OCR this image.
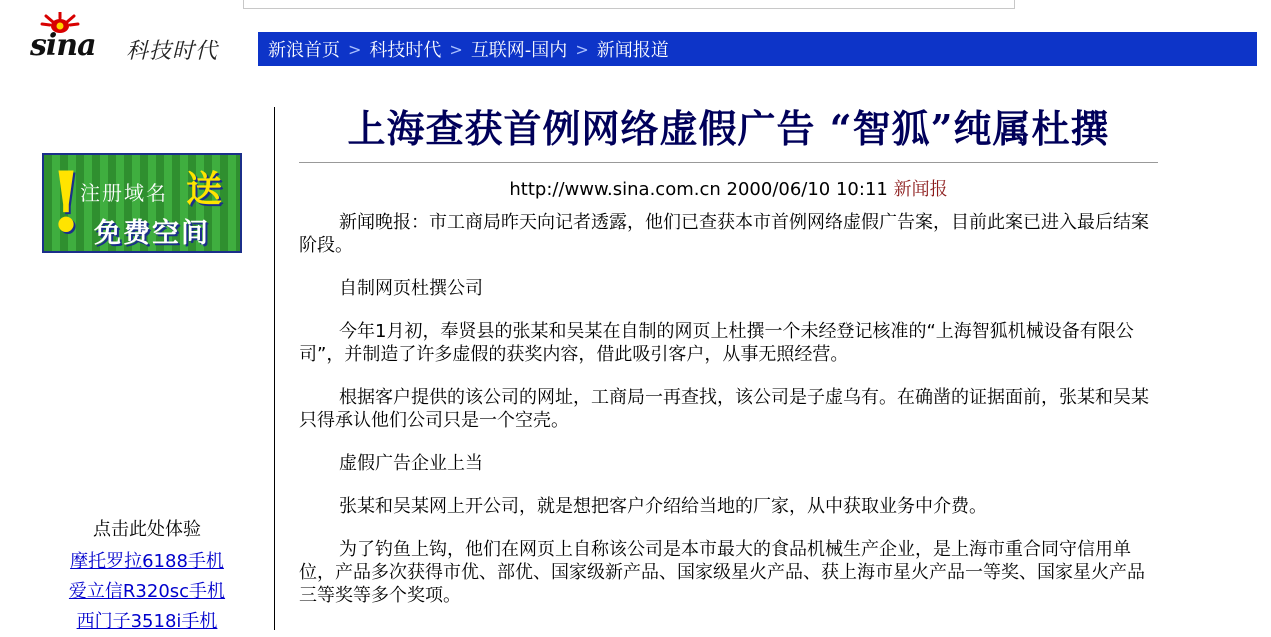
sina 科技时代	新浪首页 > 科技时代 > 互联网-国内 > 新闻报道
!
注册域名 送
免费空间
点击此处体验
摩托罗拉6188手机
爱立信R320sc手机
西门子3518i手机
上海查获首例网络虚假广告 “智狐”纯属杜撰
http://www.sina.com.cn 2000/06/10 10:11 新闻报

新闻晚报：市工商局昨天向记者透露，他们已查获本市首例网络虚假广告案，目前此案已进入最后结案阶段。

自制网页杜撰公司

今年1月初，奉贤县的张某和吴某在自制的网页上杜撰一个未经登记核准的“上海智狐机械设备有限公司”，并制造了许多虚假的获奖内容，借此吸引客户，从事无照经营。

根据客户提供的该公司的网址，工商局一再查找，该公司是子虚乌有。在确凿的证据面前，张某和吴某只得承认他们公司只是一个空壳。

虚假广告企业上当

张某和吴某网上开公司，就是想把客户介绍给当地的厂家，从中获取业务中介费。

为了钓鱼上钩，他们在网页上自称该公司是本市最大的食品机械生产企业，是上海市重合同守信用单位，产品多次获得市优、部优、国家级新产品、国家级星火产品、获上海市星火产品一等奖、国家星火产品三等奖等多个奖项。
